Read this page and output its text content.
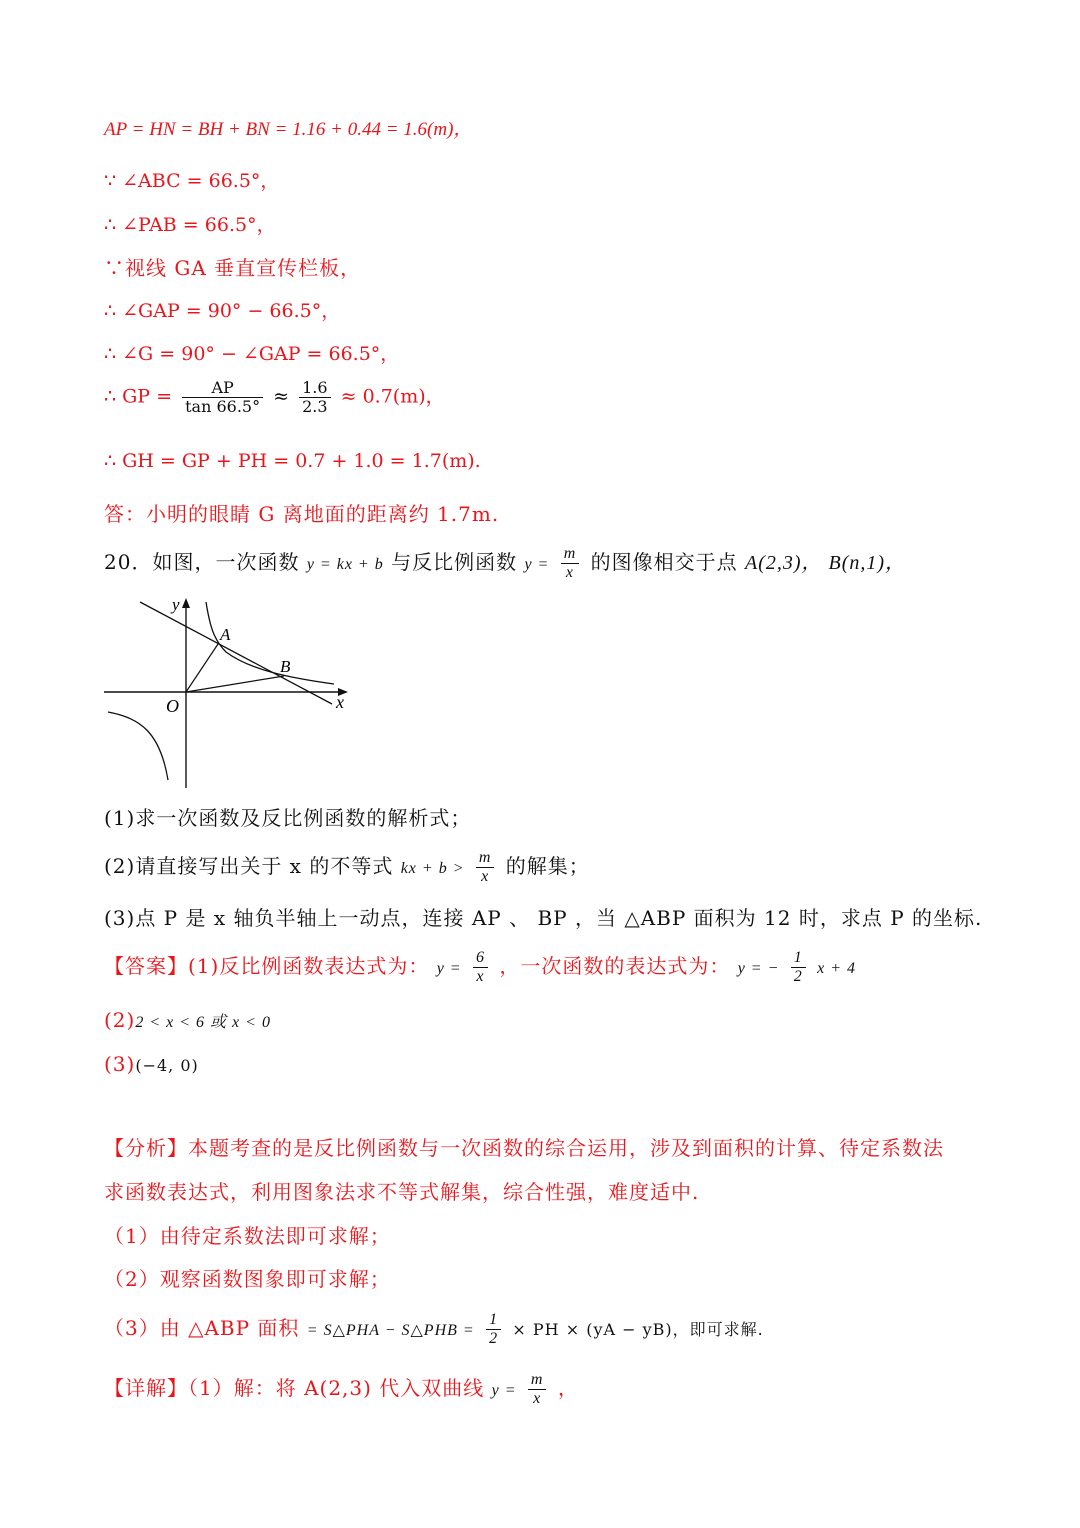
AP = HN = BH + BN = 1.16 + 0.44 = 1.6(m)，
∵ ∠ABC = 66.5°，
∴ ∠PAB = 66.5°，
∵视线 GA 垂直宣传栏板，
∴ ∠GAP = 90° − 66.5°，
∴ ∠G = 90° − ∠GAP = 66.5°，
∴ GP = $\frac{AP}{\tan 66.5^\circ} \approx \frac{1.6}{2.3} \approx 0.7(m)$，
∴ GH = GP + PH = 0.7 + 1.0 = 1.7(m).
答：小明的眼睛 G 离地面的距离约 1.7m.
20．如图，一次函数 y = kx + b 与反比例函数 $y = \frac{m}{x}$ 的图像相交于点 A(2,3)， B(n,1)，
y
x
O
A
B
(1)求一次函数及反比例函数的解析式；
(2)请直接写出关于 x 的不等式 kx + $b > \frac{m}{x}$ 的解集；
(3)点 P 是 x 轴负半轴上一动点，连接 AP 、 BP ，当 △ABP 面积为 12 时，求点 P 的坐标.
【答案】(1)反比例函数表达式为： $y = \frac{6}{x}$ ，一次函数的表达式为： y = − $\frac{1}{2}$ x + 4
(2)2 < x < 6 或 x < 0
(3)(−4, 0)
【分析】本题考查的是反比例函数与一次函数的综合运用，涉及到面积的计算、待定系数法
求函数表达式，利用图象法求不等式解集，综合性强，难度适中.
（1）由待定系数法即可求解；
（2）观察函数图象即可求解；
（3）由 △ABP 面积 = S△PHA − S△PHB = $\frac{1}{2}$ × PH × (yA − yB)，即可求解.
【详解】（1）解：将 A(2,3) 代入双曲线 $y = \frac{m}{x}$ ，
